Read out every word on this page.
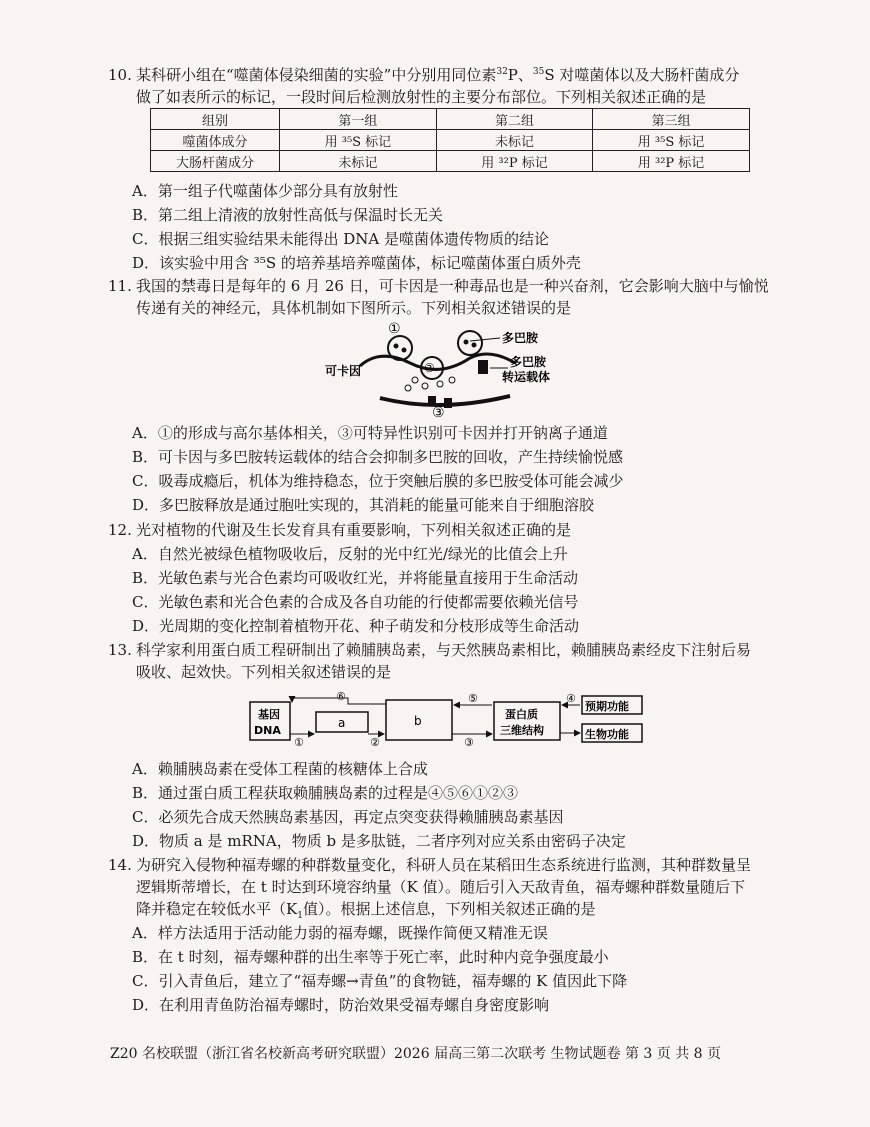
10. 某科研小组在“噬菌体侵染细菌的实验”中分别用同位素$^{32}$P、$^{35}$S 对噬菌体以及大肠杆菌成分
做了如表所示的标记，一段时间后检测放射性的主要分布部位。下列相关叙述正确的是
组别	第一组	第二组	第三组
噬菌体成分	用 ³⁵S 标记	未标记	用 ³⁵S 标记
大肠杆菌成分	未标记	用 ³²P 标记	用 ³²P 标记
A．第一组子代噬菌体少部分具有放射性
B．第二组上清液的放射性高低与保温时长无关
C．根据三组实验结果未能得出 DNA 是噬菌体遗传物质的结论
D．该实验中用含 ³⁵S 的培养基培养噬菌体，标记噬菌体蛋白质外壳
11. 我国的禁毒日是每年的 6 月 26 日，可卡因是一种毒品也是一种兴奋剂，它会影响大脑中与愉悦
传递有关的神经元，具体机制如下图所示。下列相关叙述错误的是
①
②
③
可卡因
多巴胺
多巴胺
转运载体
A．①的形成与高尔基体相关，③可特异性识别可卡因并打开钠离子通道
B．可卡因与多巴胺转运载体的结合会抑制多巴胺的回收，产生持续愉悦感
C．吸毒成瘾后，机体为维持稳态，位于突触后膜的多巴胺受体可能会减少
D．多巴胺释放是通过胞吐实现的，其消耗的能量可能来自于细胞溶胶
12. 光对植物的代谢及生长发育具有重要影响，下列相关叙述正确的是
A．自然光被绿色植物吸收后，反射的光中红光/绿光的比值会上升
B．光敏色素与光合色素均可吸收红光，并将能量直接用于生命活动
C．光敏色素和光合色素的合成及各自功能的行使都需要依赖光信号
D．光周期的变化控制着植物开花、种子萌发和分枝形成等生命活动
13. 科学家利用蛋白质工程研制出了赖脯胰岛素，与天然胰岛素相比，赖脯胰岛素经皮下注射后易
吸收、起效快。下列相关叙述错误的是
基因
DNA
a	b	蛋白质
三维结构
预期功能
生物功能
①	②	③
④
⑤
⑥
A．赖脯胰岛素在受体工程菌的核糖体上合成
B．通过蛋白质工程获取赖脯胰岛素的过程是④⑤⑥①②③
C．必须先合成天然胰岛素基因，再定点突变获得赖脯胰岛素基因
D．物质 a 是 mRNA，物质 b 是多肽链，二者序列对应关系由密码子决定
14. 为研究入侵物种福寿螺的种群数量变化，科研人员在某稻田生态系统进行监测，其种群数量呈
逻辑斯蒂增长，在 t 时达到环境容纳量（K 值）。随后引入天敌青鱼，福寿螺种群数量随后下
降并稳定在较低水平（$K_1$值）。根据上述信息，下列相关叙述正确的是
A．样方法适用于活动能力弱的福寿螺，既操作简便又精准无误
B．在 t 时刻，福寿螺种群的出生率等于死亡率，此时种内竞争强度最小
C．引入青鱼后，建立了“福寿螺→青鱼”的食物链，福寿螺的 K 值因此下降
D．在利用青鱼防治福寿螺时，防治效果受福寿螺自身密度影响
Z20 名校联盟（浙江省名校新高考研究联盟）2026 届高三第二次联考 生物试题卷 第 3 页 共 8 页
